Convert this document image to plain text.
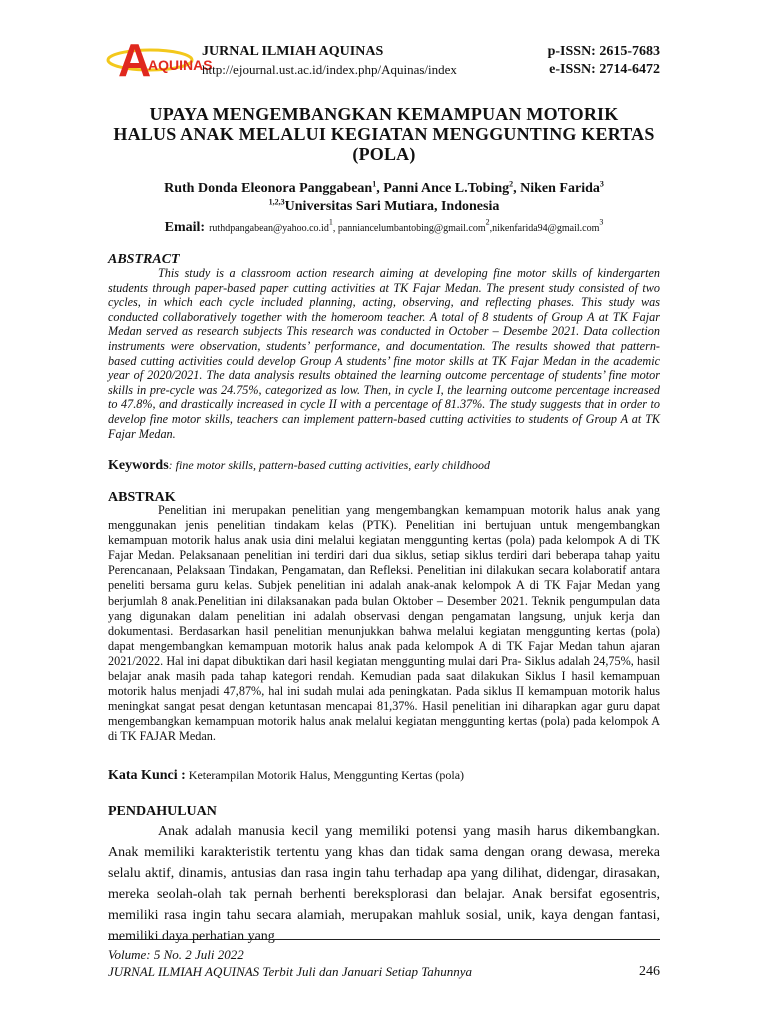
A
AQUINAS
JURNAL ILMIAH AQUINAS
http://ejournal.ust.ac.id/index.php/Aquinas/index
p-ISSN: 2615-7683
e-ISSN: 2714-6472
UPAYA MENGEMBANGKAN KEMAMPUAN MOTORIK
HALUS ANAK MELALUI KEGIATAN MENGGUNTING KERTAS
(POLA)
Ruth Donda Eleonora Panggabean$^1$, Panni Ance L.Tobing$^2$, Niken Farida$^3$
$^{1,2,3}$Universitas Sari Mutiara, Indonesia
Email: $ruthdpangabean@yahoo.co.id^1$, panniancelumbantobing@gmail.com$^2$,nikenfarida94@gmail.com$^3$
ABSTRACT

This study is a classroom action research aiming at developing fine motor skills of kindergarten students through paper-based paper cutting activities at TK Fajar Medan. The present study consisted of two cycles, in which each cycle included planning, acting, observing, and reflecting phases. This study was conducted collaboratively together with the homeroom teacher. A total of 8 students of Group A at TK Fajar Medan served as research subjects This research was conducted in October – Desembe 2021. Data collection instruments were observation, students’ performance, and documentation. The results showed that pattern- based cutting activities could develop Group A students’ fine motor skills at TK Fajar Medan in the academic year of 2020/2021. The data analysis results obtained the learning outcome percentage of students’ fine motor skills in pre-cycle was 24.75%, categorized as low. Then, in cycle I, the learning outcome percentage increased to 47.8%, and drastically increased in cycle II with a percentage of 81.37%. The study suggests that in order to develop fine motor skills, teachers can implement pattern-based cutting activities to students of Group A at TK Fajar Medan.

Keywords: fine motor skills, pattern-based cutting activities, early childhood
ABSTRAK

Penelitian ini merupakan penelitian yang mengembangkan kemampuan motorik halus anak yang menggunakan jenis penelitian tindakam kelas (PTK). Penelitian ini bertujuan untuk mengembangkan kemampuan motorik halus anak usia dini melalui kegiatan menggunting kertas (pola) pada kelompok A di TK Fajar Medan. Pelaksanaan penelitian ini terdiri dari dua siklus, setiap siklus terdiri dari beberapa tahap yaitu Perencanaan, Pelaksaan Tindakan, Pengamatan, dan Refleksi. Penelitian ini dilakukan secara kolaboratif antara peneliti bersama guru kelas. Subjek penelitian ini adalah anak-anak kelompok A di TK Fajar Medan yang berjumlah 8 anak.Penelitian ini dilaksanakan pada bulan Oktober – Desember 2021. Teknik pengumpulan data yang digunakan dalam penelitian ini adalah observasi dengan pengamatan langsung, unjuk kerja dan dokumentasi. Berdasarkan hasil penelitian menunjukkan bahwa melalui kegiatan menggunting kertas (pola) dapat mengembangkan kemampuan motorik halus anak pada kelompok A di TK Fajar Medan tahun ajaran 2021/2022. Hal ini dapat dibuktikan dari hasil kegiatan menggunting mulai dari Pra- Siklus adalah 24,75%, hasil belajar anak masih pada tahap kategori rendah. Kemudian pada saat dilakukan Siklus I hasil kemampuan motorik halus menjadi 47,87%, hal ini sudah mulai ada peningkatan. Pada siklus II kemampuan motorik halus meningkat sangat pesat dengan ketuntasan mencapai 81,37%. Hasil penelitian ini diharapkan agar guru dapat mengembangkan kemampuan motorik halus anak melalui kegiatan menggunting kertas (pola) pada kelompok A di TK FAJAR Medan.

Kata Kunci : Keterampilan Motorik Halus, Menggunting Kertas (pola)
PENDAHULUAN

Anak adalah manusia kecil yang memiliki potensi yang masih harus dikembangkan. Anak memiliki karakteristik tertentu yang khas dan tidak sama dengan orang dewasa, mereka selalu aktif, dinamis, antusias dan rasa ingin tahu terhadap apa yang dilihat, didengar, dirasakan, mereka seolah-olah tak pernah berhenti bereksplorasi dan belajar. Anak bersifat egosentris, memiliki rasa ingin tahu secara alamiah, merupakan mahluk sosial, unik, kaya dengan fantasi, memiliki daya perhatian yang

Volume: 5 No. 2 Juli 2022
JURNAL ILMIAH AQUINAS Terbit Juli dan Januari Setiap Tahunnya	246
